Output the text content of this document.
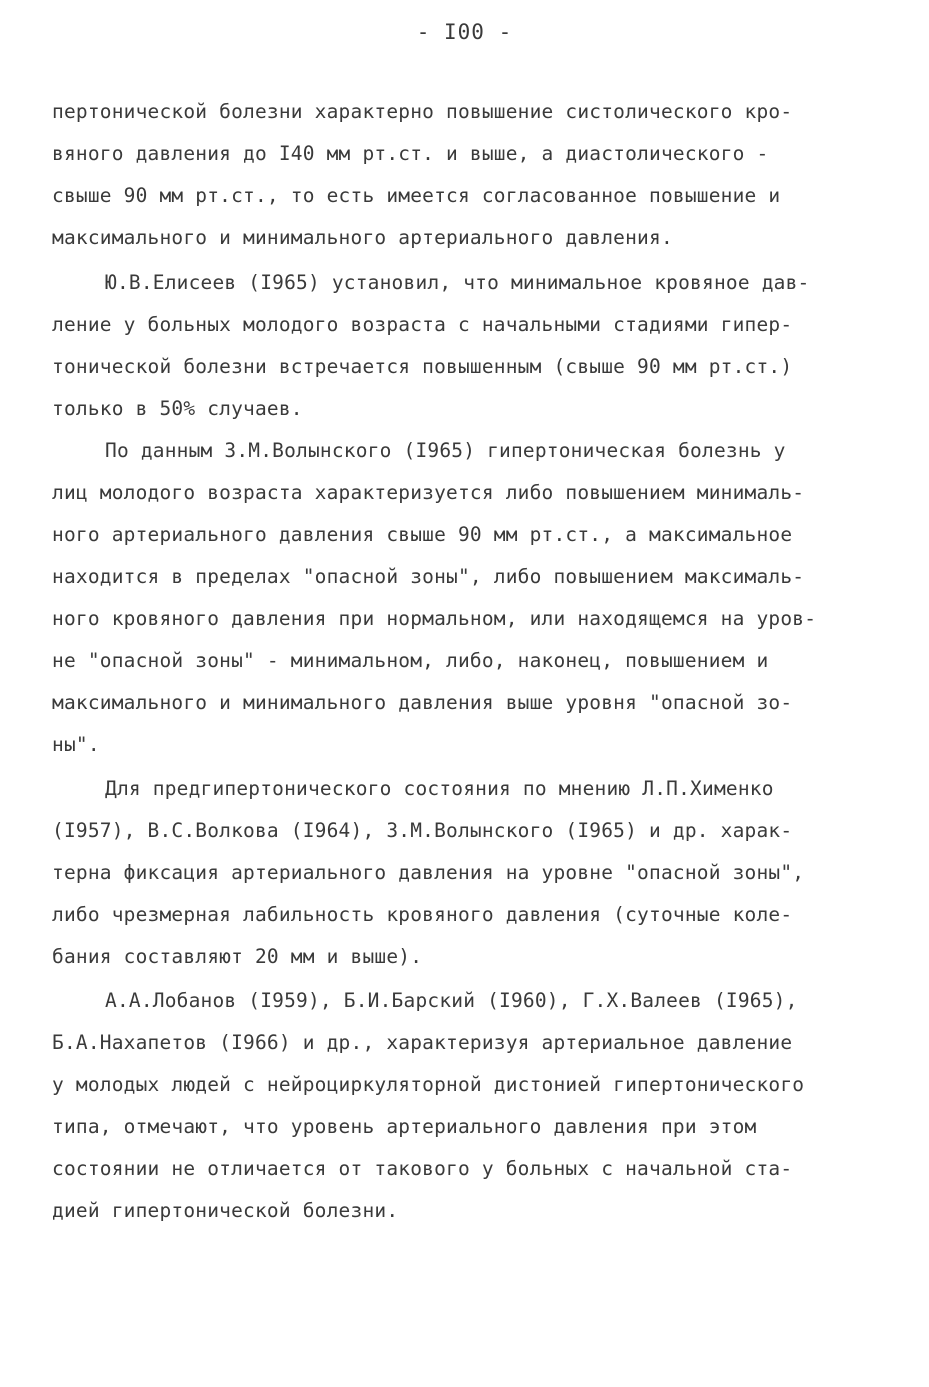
- I00 -
пертонической болезни характерно повышение систолического кро-
вяного давления до I40 мм рт.ст. и выше, а диастолического -
свыше 90 мм рт.ст., то есть имеется согласованное повышение и
максимального и минимального артериального давления.
Ю.В.Елисеев (I965) установил, что минимальное кровяное дав-
ление у больных молодого возраста с начальными стадиями гипер-
тонической болезни встречается повышенным (свыше 90 мм рт.ст.)
только в 50% случаев.
По данным З.М.Волынского (I965) гипертоническая болезнь у
лиц молодого возраста характеризуется либо повышением минималь-
ного артериального давления свыше 90 мм рт.ст., а максимальное
находится в пределах "опасной зоны", либо повышением максималь-
ного кровяного давления при нормальном, или находящемся на уров-
не "опасной зоны" - минимальном, либо, наконец, повышением и
максимального и минимального давления выше уровня "опасной зо-
ны".
Для предгипертонического состояния по мнению Л.П.Химeнко
(I957), В.С.Волкова (I964), З.М.Волынского (I965) и др. харак-
терна фиксация артериального давления на уровне "опасной зоны",
либо чрезмерная лабильность кровяного давления (суточные коле-
бания составляют 20 мм и выше).
А.А.Лобанов (I959), Б.И.Барский (I960), Г.Х.Валеев (I965),
Б.А.Нахапетов (I966) и др., характеризуя артериальное давление
у молодых людей с нейроциркуляторной дистонией гипертонического
типа, отмечают, что уровень артериального давления при этом
состоянии не отличается от такового у больных с начальной ста-
дией гипертонической болезни.
